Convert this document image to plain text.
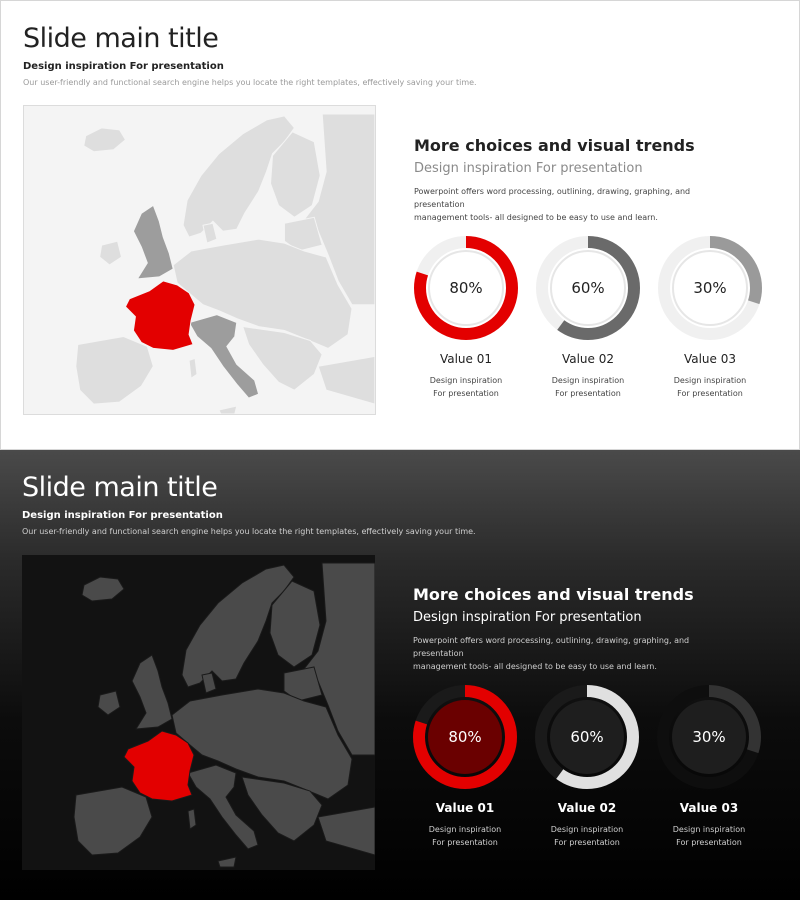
Slide main title
Design inspiration For presentation
Our user-friendly and functional search engine helps you locate the right templates, effectively saving your time.
More choices and visual trends
Design inspiration For presentation
Powerpoint offers word processing, outlining, drawing, graphing, and presentation
management tools- all designed to be easy to use and learn.
80%	60%	30%
Value 01	Value 02	Value 03
Design inspiration
For presentation
Design inspiration
For presentation
Design inspiration
For presentation
Slide main title
Design inspiration For presentation
Our user-friendly and functional search engine helps you locate the right templates, effectively saving your time.
More choices and visual trends
Design inspiration For presentation
Powerpoint offers word processing, outlining, drawing, graphing, and presentation
management tools- all designed to be easy to use and learn.
80%	60%	30%
Value 01	Value 02	Value 03
Design inspiration
For presentation
Design inspiration
For presentation
Design inspiration
For presentation
